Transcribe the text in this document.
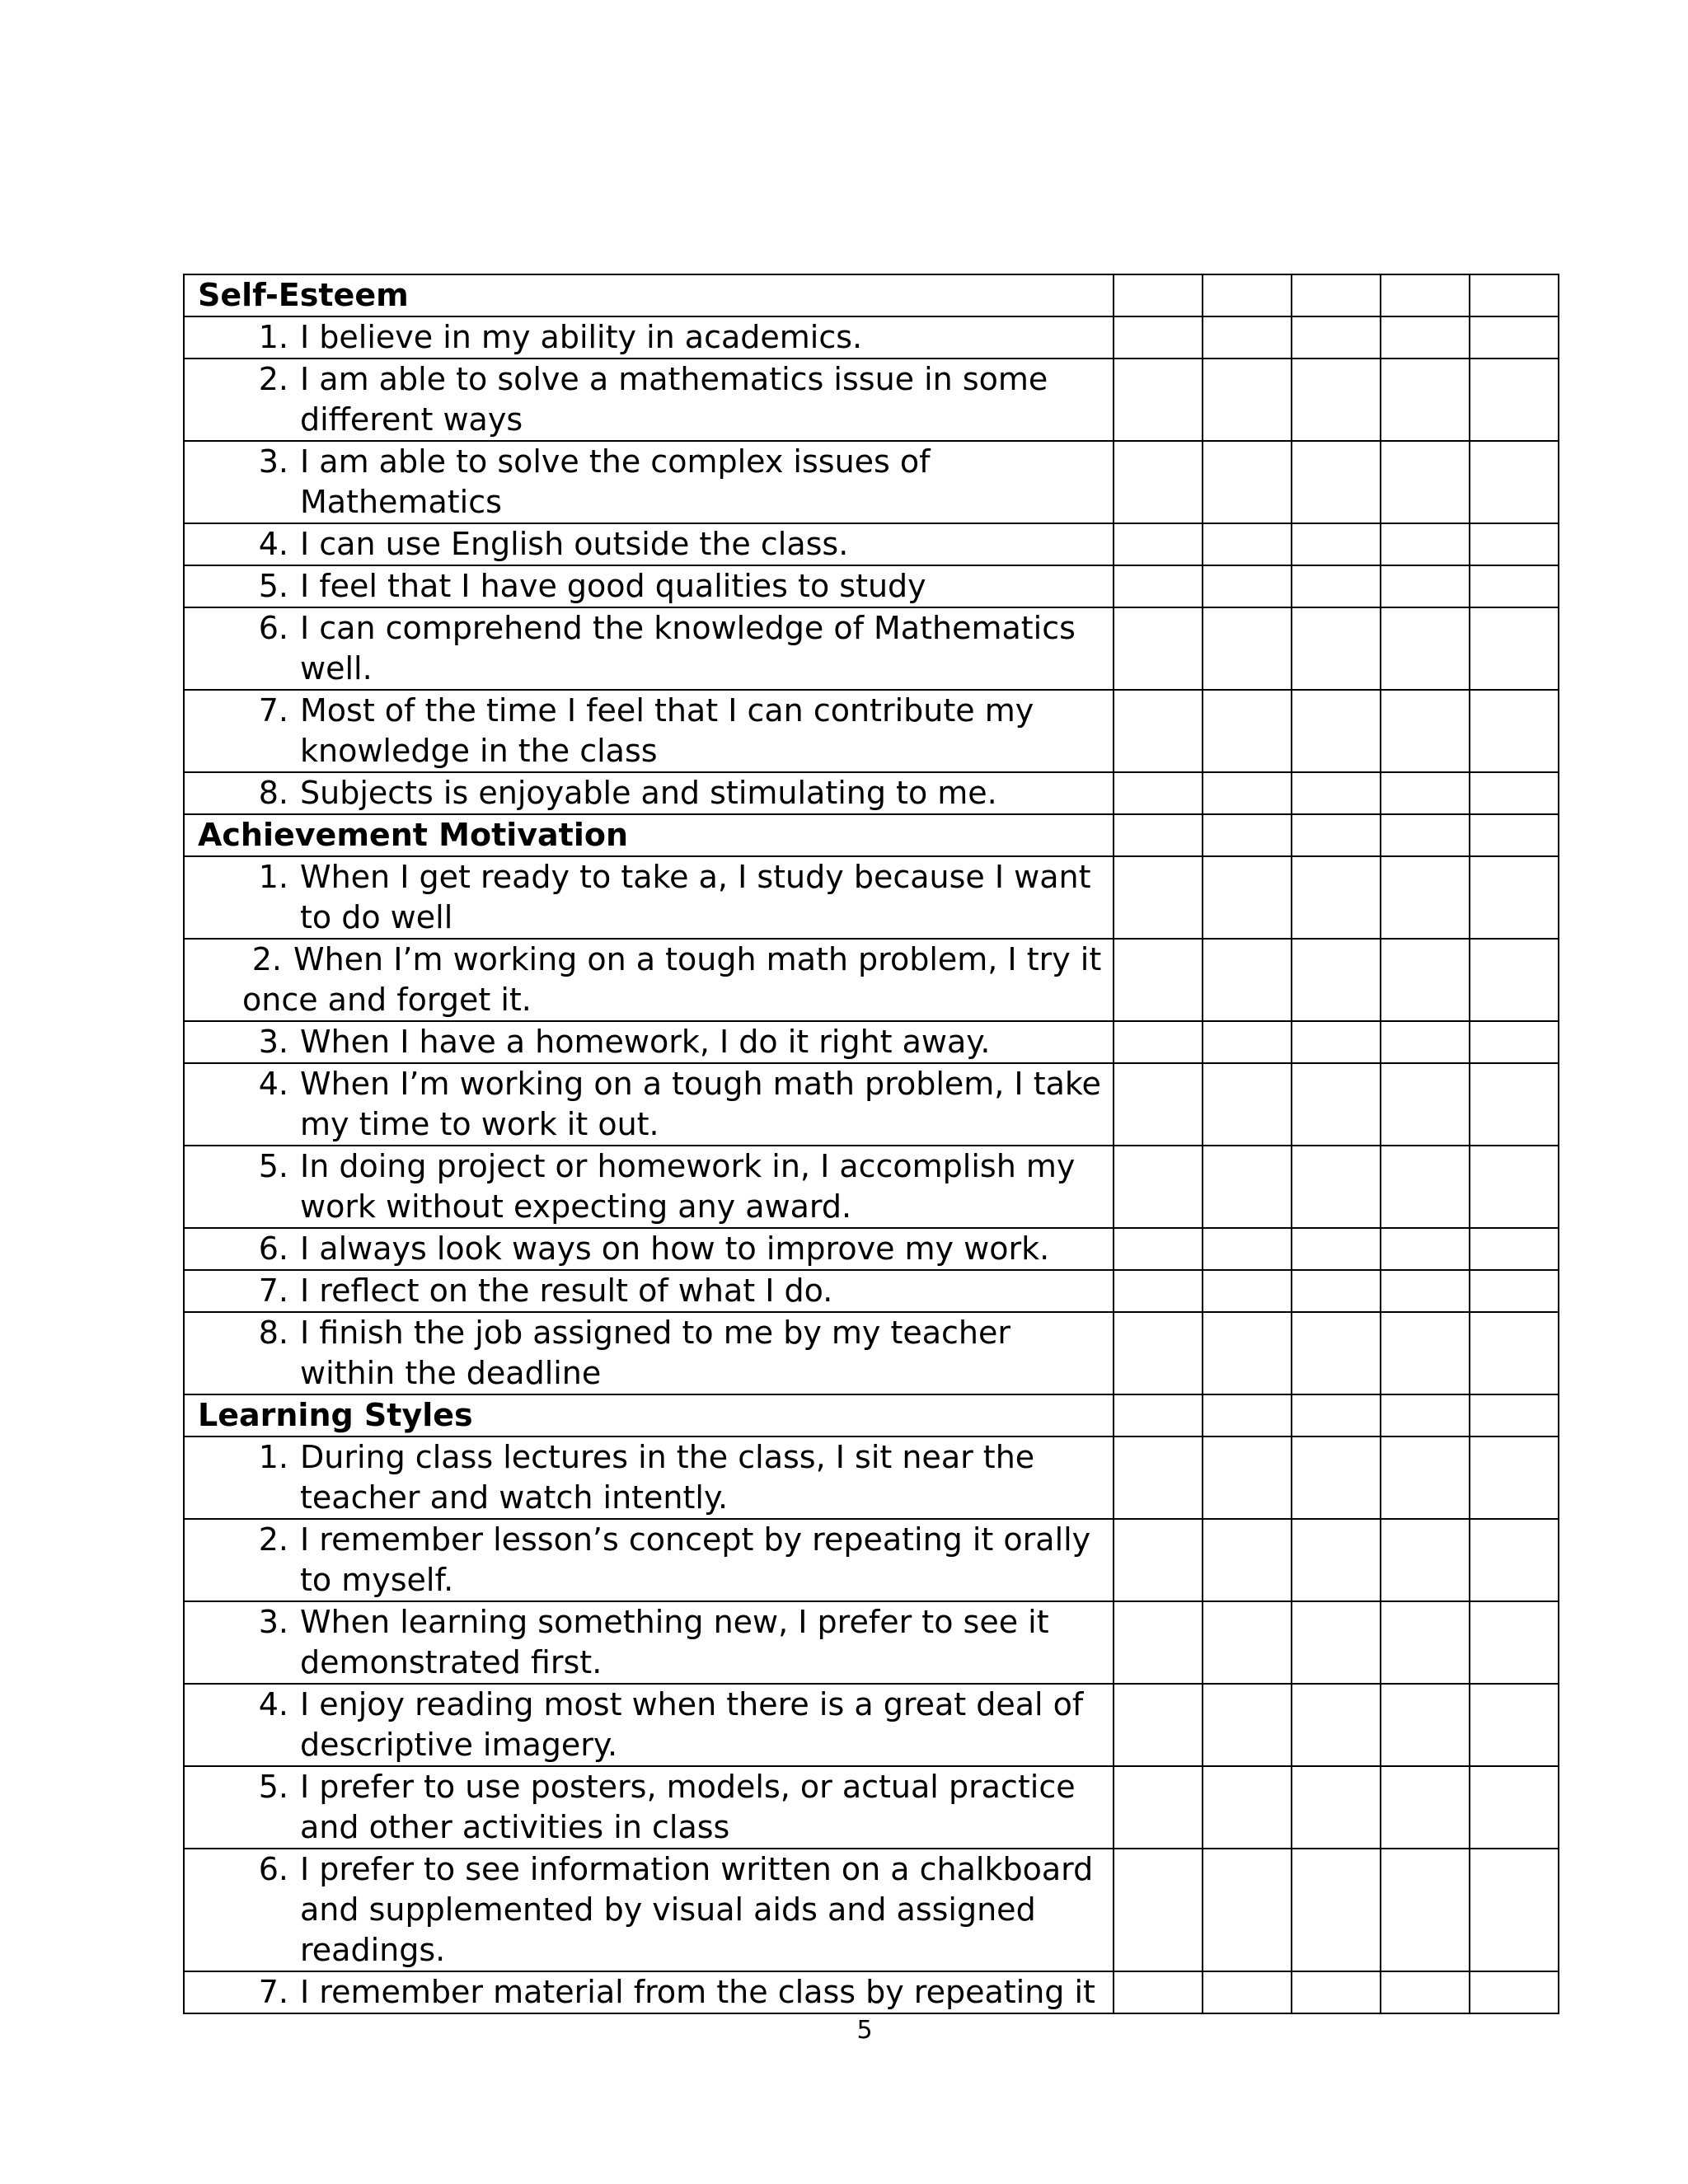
Self-Esteem					

1. I believe in my ability in academics.					

2. I am able to solve a mathematics issue in some different ways					

3. I am able to solve the complex issues of Mathematics					

4. I can use English outside the class.					

5. I feel that I have good qualities to study					

6. I can comprehend the knowledge of Mathematics well.					

7. Most of the time I feel that I can contribute my knowledge in the class					

8. Subjects is enjoyable and stimulating to me.					

Achievement Motivation					

1. When I get ready to take a, I study because I want to do well					

2. When I’m working on a tough math problem, I try it once and forget it.					

3. When I have a homework, I do it right away.					

4. When I’m working on a tough math problem, I take my time to work it out.					

5. In doing project or homework in, I accomplish my work without expecting any award.					

6. I always look ways on how to improve my work.					

7. I reflect on the result of what I do.					

8. I finish the job assigned to me by my teacher within the deadline					

Learning Styles					

1. During class lectures in the class, I sit near the teacher and watch intently.					

2. I remember lesson’s concept by repeating it orally to myself.					

3. When learning something new, I prefer to see it demonstrated first.					

4. I enjoy reading most when there is a great deal of descriptive imagery.					

5. I prefer to use posters, models, or actual practice and other activities in class					

6. I prefer to see information written on a chalkboard and supplemented by visual aids and assigned readings.					

7. I remember material from the class by repeating it					

5
